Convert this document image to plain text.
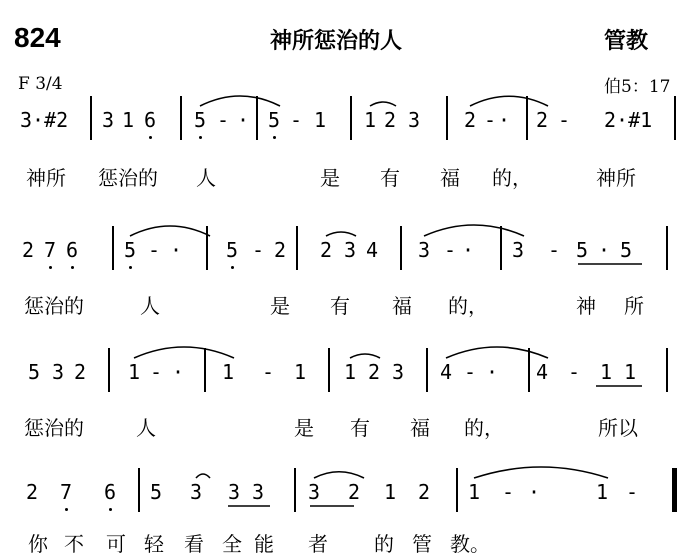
824	神所惩治的人	管教
F 3/4	伯5：17
3·#2 3 1 6 5 - · 5 - 1 1 2 3 2 - · 2 - 2·#1
神所 惩治的 人	是 有 福 的，	神所
2 7 6 5 - · 5 - 2 2 3 4 3 - · 3 - 5 · 5
惩治的	人	是 有 福 的，	神 所
5 3 2 1 - · 1 - 1 1 2 3 4 - · 4 - 1 1
惩治的	人	是 有 福 的，	所以
2 7 6 5 3 3 3 3 2 1 2 1 - ·	1 -
你 不 可 轻 看 全 能 者 的 管 教。
